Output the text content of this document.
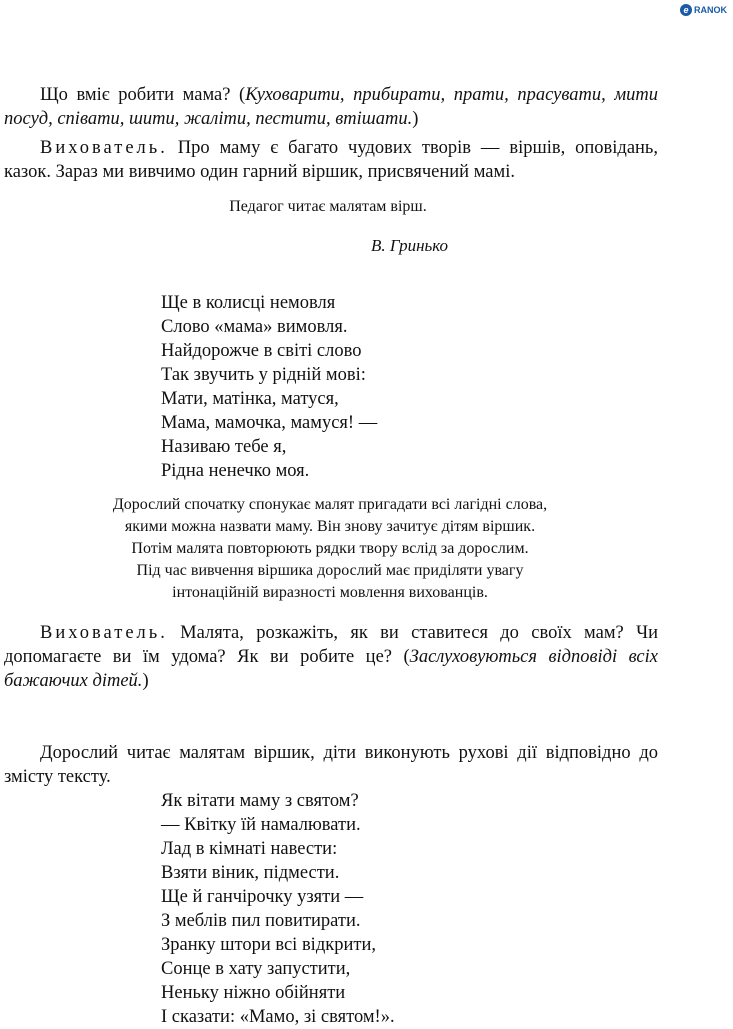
e RANOK
Що вміє робити мама? (Куховарити, прибирати, прати, прасувати, мити посуд, співати, шити, жаліти, пестити, втішати.)
Вихователь. Про маму є багато чудових творів — віршів, оповідань, казок. Зараз ми вивчимо один гарний віршик, присвячений мамі.
Педагог читає малятам вірш.
В. Гринько
Ще в колисці немовля
Слово «мама» вимовля.
Найдорожче в світі слово
Так звучить у рідній мові:
Мати, матінка, матуся,
Мама, мамочка, мамуся! —
Називаю тебе я,
Рідна ненечко моя.
Дорослий спочатку спонукає малят пригадати всі лагідні слова,
якими можна назвати маму. Він знову зачитує дітям віршик.
Потім малята повторюють рядки твору вслід за дорослим.
Під час вивчення віршика дорослий має приділяти увагу
інтонаційній виразності мовлення вихованців.
Вихователь. Малята, розкажіть, як ви ставитеся до своїх мам? Чи допомагаєте ви їм удома? Як ви робите це? (Заслуховуються відповіді всіх бажаючих дітей.)
Дорослий читає малятам віршик, діти виконують рухові дії відповідно до змісту тексту.
Як вітати маму з святом?
— Квітку їй намалювати.
Лад в кімнаті навести:
Взяти віник, підмести.
Ще й ганчірочку узяти —
З меблів пил повитирати.
Зранку штори всі відкрити,
Сонце в хату запустити,
Неньку ніжно обійняти
І сказати: «Мамо, зі святом!».
